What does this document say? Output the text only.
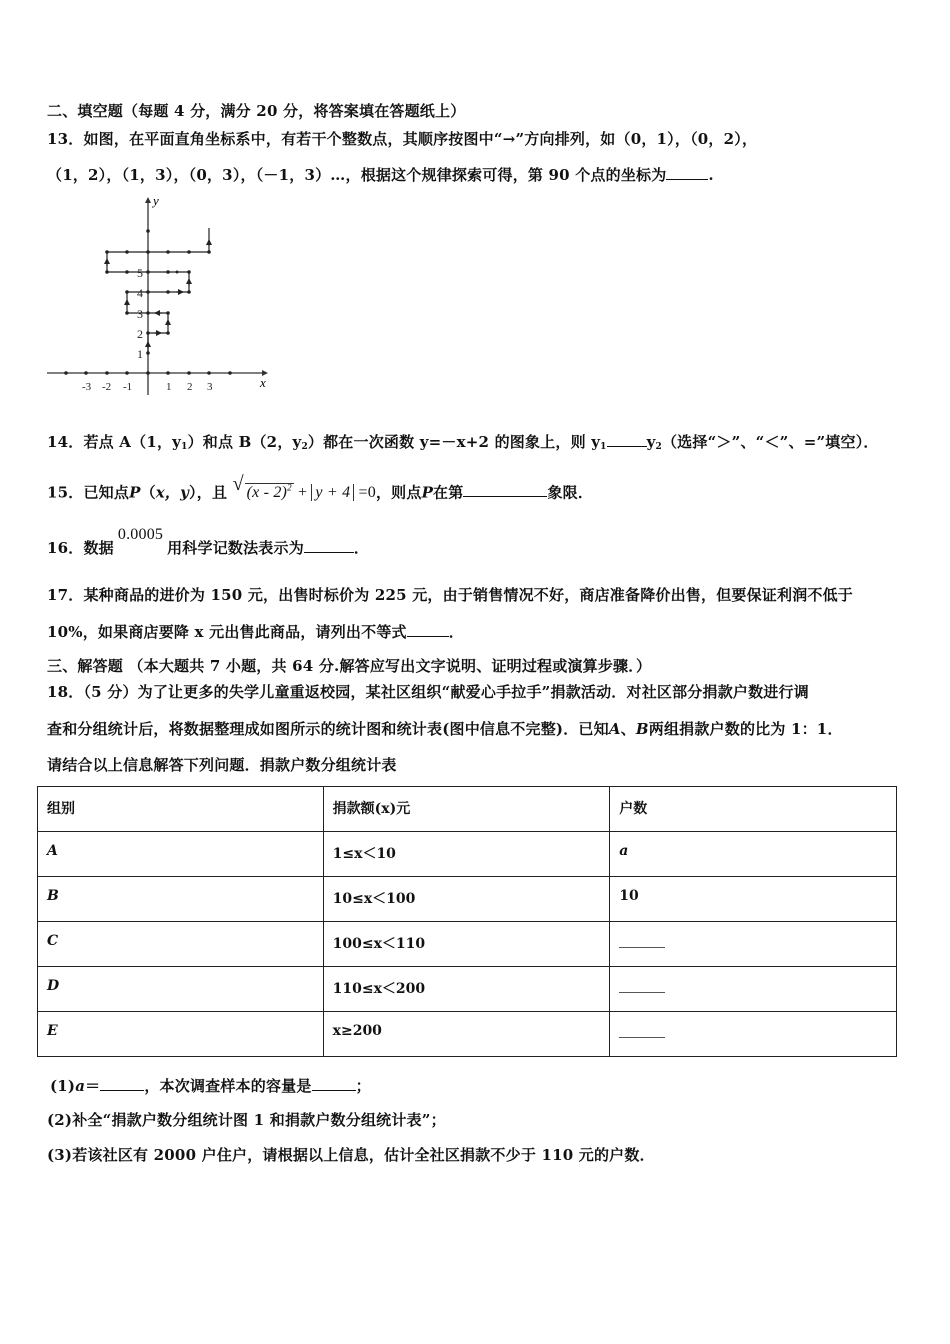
二、填空题（每题 4 分，满分 20 分，将答案填在答题纸上）
13．如图，在平面直角坐标系中，有若干个整数点，其顺序按图中“→”方向排列，如（0，1），（0，2），
（1，2），（1，3），（0，3），（－1，3）…，根据这个规律探索可得，第 90 个点的坐标为	.
x
y
-3 -2 -1	1 2 3
1
2
3
4
5
14．若点 A（1，$y_1$）和点 B（2，$y_2$）都在一次函数 y=－x+2 的图象上，则 $y_1$	$y_2$（选择“＞”、“＜”、=”填空）．
15．已知点P（x，y），且 √ (x - 2)$^2$ + y + 4 =0，则点P在第	象限．
16．数据0.0005用科学记数法表示为	．
17．某种商品的进价为 150 元，出售时标价为 225 元，由于销售情况不好，商店准备降价出售，但要保证利润不低于
10%，如果商店要降 x 元出售此商品，请列出不等式	．
三、解答题 （本大题共 7 小题，共 64 分.解答应写出文字说明、证明过程或演算步骤．）
18．（5 分）为了让更多的失学儿童重返校园，某社区组织“献爱心手拉手”捐款活动．对社区部分捐款户数进行调
查和分组统计后，将数据整理成如图所示的统计图和统计表(图中信息不完整)．已知A、B两组捐款户数的比为 1：1．
请结合以上信息解答下列问题．捐款户数分组统计表
组别	捐款额(x)元	户数
A	1≤x＜10	a
B	10≤x＜100	10
C	100≤x＜110	
D	110≤x＜200	
E	x≥200	
(1)a＝	，本次调查样本的容量是	；
(2)补全“捐款户数分组统计图 1 和捐款户数分组统计表”；
(3)若该社区有 2000 户住户，请根据以上信息，估计全社区捐款不少于 110 元的户数．
